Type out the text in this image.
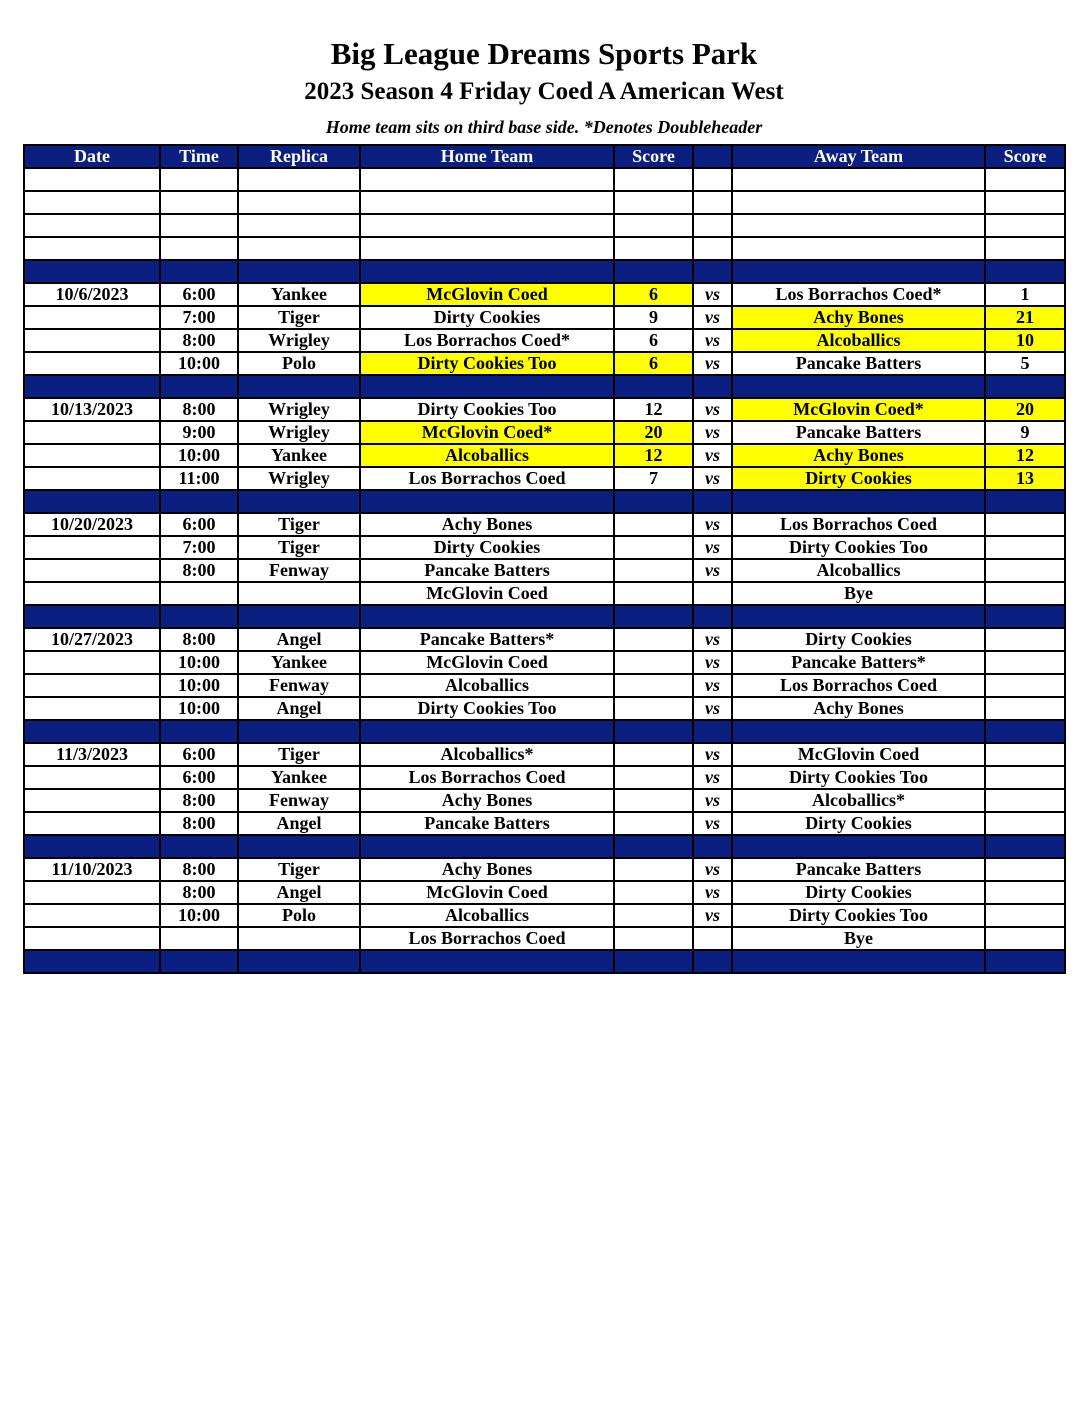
Big League Dreams Sports Park
2023 Season 4 Friday Coed A American West
Home team sits on third base side. *Denotes Doubleheader
Date	Time	Replica	Home Team	Score		Away Team	Score

10/6/2023	6:00	Yankee	McGlovin Coed	6	vs	Los Borrachos Coed*	1
	7:00	Tiger	Dirty Cookies	9	vs	Achy Bones	21
	8:00	Wrigley	Los Borrachos Coed*	6	vs	Alcoballics	10
	10:00	Polo	Dirty Cookies Too	6	vs	Pancake Batters	5

10/13/2023	8:00	Wrigley	Dirty Cookies Too	12	vs	McGlovin Coed*	20
	9:00	Wrigley	McGlovin Coed*	20	vs	Pancake Batters	9
	10:00	Yankee	Alcoballics	12	vs	Achy Bones	12
	11:00	Wrigley	Los Borrachos Coed	7	vs	Dirty Cookies	13

10/20/2023	6:00	Tiger	Achy Bones		vs	Los Borrachos Coed	
	7:00	Tiger	Dirty Cookies		vs	Dirty Cookies Too	
	8:00	Fenway	Pancake Batters		vs	Alcoballics	
			McGlovin Coed			Bye	

10/27/2023	8:00	Angel	Pancake Batters*		vs	Dirty Cookies	
	10:00	Yankee	McGlovin Coed		vs	Pancake Batters*	
	10:00	Fenway	Alcoballics		vs	Los Borrachos Coed	
	10:00	Angel	Dirty Cookies Too		vs	Achy Bones	

11/3/2023	6:00	Tiger	Alcoballics*		vs	McGlovin Coed	
	6:00	Yankee	Los Borrachos Coed		vs	Dirty Cookies Too	
	8:00	Fenway	Achy Bones		vs	Alcoballics*	
	8:00	Angel	Pancake Batters		vs	Dirty Cookies	

11/10/2023	8:00	Tiger	Achy Bones		vs	Pancake Batters	
	8:00	Angel	McGlovin Coed		vs	Dirty Cookies	
	10:00	Polo	Alcoballics		vs	Dirty Cookies Too	
			Los Borrachos Coed			Bye	
